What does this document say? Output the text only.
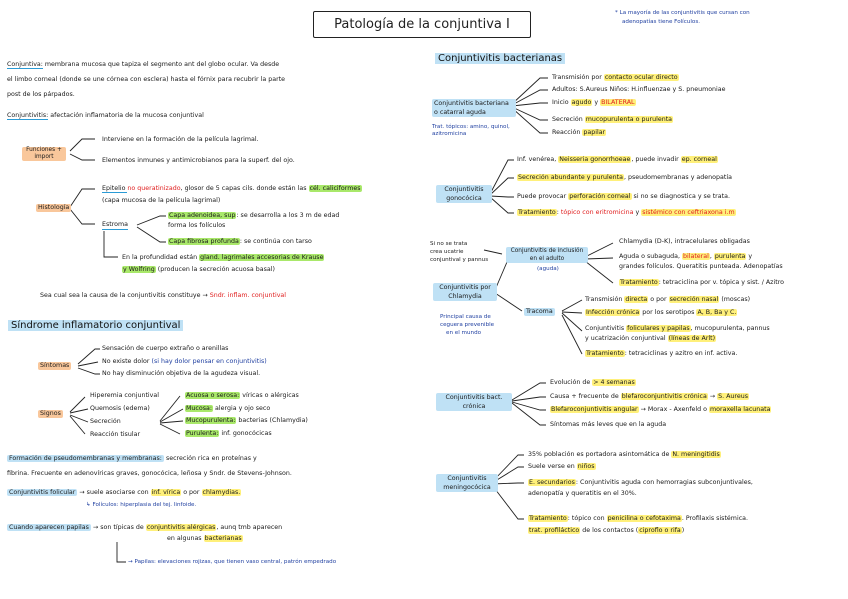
Patología de la conjuntiva I
* La mayoría de las conjuntivitis que cursan con
adenopatías tiene Folículos.
Conjuntiva: membrana mucosa que tapiza el segmento ant del globo ocular. Va desde
el limbo corneal (donde se une córnea con esclera) hasta el fórnix para recubrir la parte
post de los párpados.
Conjuntivitis: afectación inflamatoria de la mucosa conjuntival
Funciones + import
Interviene en la formación de la película lagrimal.
Elementos inmunes y antimicrobianos para la superf. del ojo.
Histología
Epitelio no queratinizado, glosor de 5 capas cils. donde están las cél. caliciformes
(capa mucosa de la película lagrimal)
Estroma
Capa adenoidea, sup: se desarrolla a los 3 m de edad
forma los folículos
Capa fibrosa profunda: se continúa con tarso
En la profundidad están gland. lagrimales accesorias de Krause
y Wolfring (producen la secreción acuosa basal)
Sea cual sea la causa de la conjuntivitis constituye → Sndr. inflam. conjuntival
Síndrome inflamatorio conjuntival
Síntomas
Sensación de cuerpo extraño o arenillas
No existe dolor (si hay dolor pensar en conjuntivitis)
No hay disminución objetiva de la agudeza visual.
Signos
Hiperemia conjuntival
Quemosis (edema)
Secreción
Reacción tisular
Acuosa o serosa: víricas o alérgicas
Mucosa: alergia y ojo seco
Mucopurulenta: bacterias (Chlamydia)
Purulenta: inf. gonocócicas
Formación de pseudomembranas y membranas: secreción rica en proteínas y
fibrina. Frecuente en adenovíricas graves, gonocócica, leñosa y Sndr. de Stevens-Johnson.
Conjuntivitis folicular → suele asociarse con inf. vírica o por chlamydias.
↳ Folículos: hiperplasia del tej. linfoide.
Cuando aparecen papilas → son típicas de conjuntivitis alérgicas, aunq tmb aparecen
en algunas bacterianas
→ Papilas: elevaciones rojizas, que tienen vaso central, patrón empedrado
Conjuntivitis bacterianas
Conjuntivitis bacteriana o catarral aguda
Trat. tópicos: amino, quinol, azitromicina
Transmisión por contacto ocular directo
Adultos: S.Aureus Niños: H.influenzae y S. pneumoniae
Inicio agudo y BILATERAL
Secreción mucopurulenta o purulenta
Reacción papilar
Conjuntivitis gonocócica
Inf. venérea, Neisseria gonorrhoeae, puede invadir ep. corneal
Secreción abundante y purulenta, pseudomembranas y adenopatía
Puede provocar perforación corneal si no se diagnostica y se trata.
Tratamiento: tópico con eritromicina y sistémico con ceftriaxona i.m
Si no se trata
crea ucatrie
conjuntival y pannus
Conjuntivitis de inclusión en el adulto
(aguda)
Chlamydia (D-K), intracelulares obligadas
Aguda o subaguda, bilateral, purulenta y
grandes folículos. Queratitis punteada. Adenopatías
Tratamiento: tetraciclina por v. tópica y sist. / Azitro
Conjuntivitis por Chlamydia
Principal causa de
ceguera prevenible
en el mundo
Tracoma
Transmisión directa o por secreción nasal (moscas)
Infección crónica por los serotipos A, B, Ba y C.
Conjuntivitis foliculares y papilas, mucopurulenta, pannus
y ucatrización conjuntival (líneas de Arlt)
Tratamiento: tetraciclinas y azitro en inf. activa.
Conjuntivitis bact. crónica
Evolución de > 4 semanas
Causa + frecuente de blefaroconjuntivitis crónica → S. Aureus
Blefaroconjuntivitis angular → Morax - Axenfeld o moraxella lacunata
Síntomas más leves que en la aguda
Conjuntivitis meningocócica
35% población es portadora asintomática de N. meningitidis
Suele verse en niños
E. secundarios: Conjuntivitis aguda con hemorragias subconjuntivales,
adenopatía y queratitis en el 30%.
Tratamiento: tópico con penicilina o cefotaxima. Profilaxis sistémica.
trat. profiláctico de los contactos (ciproflo o rifa)
